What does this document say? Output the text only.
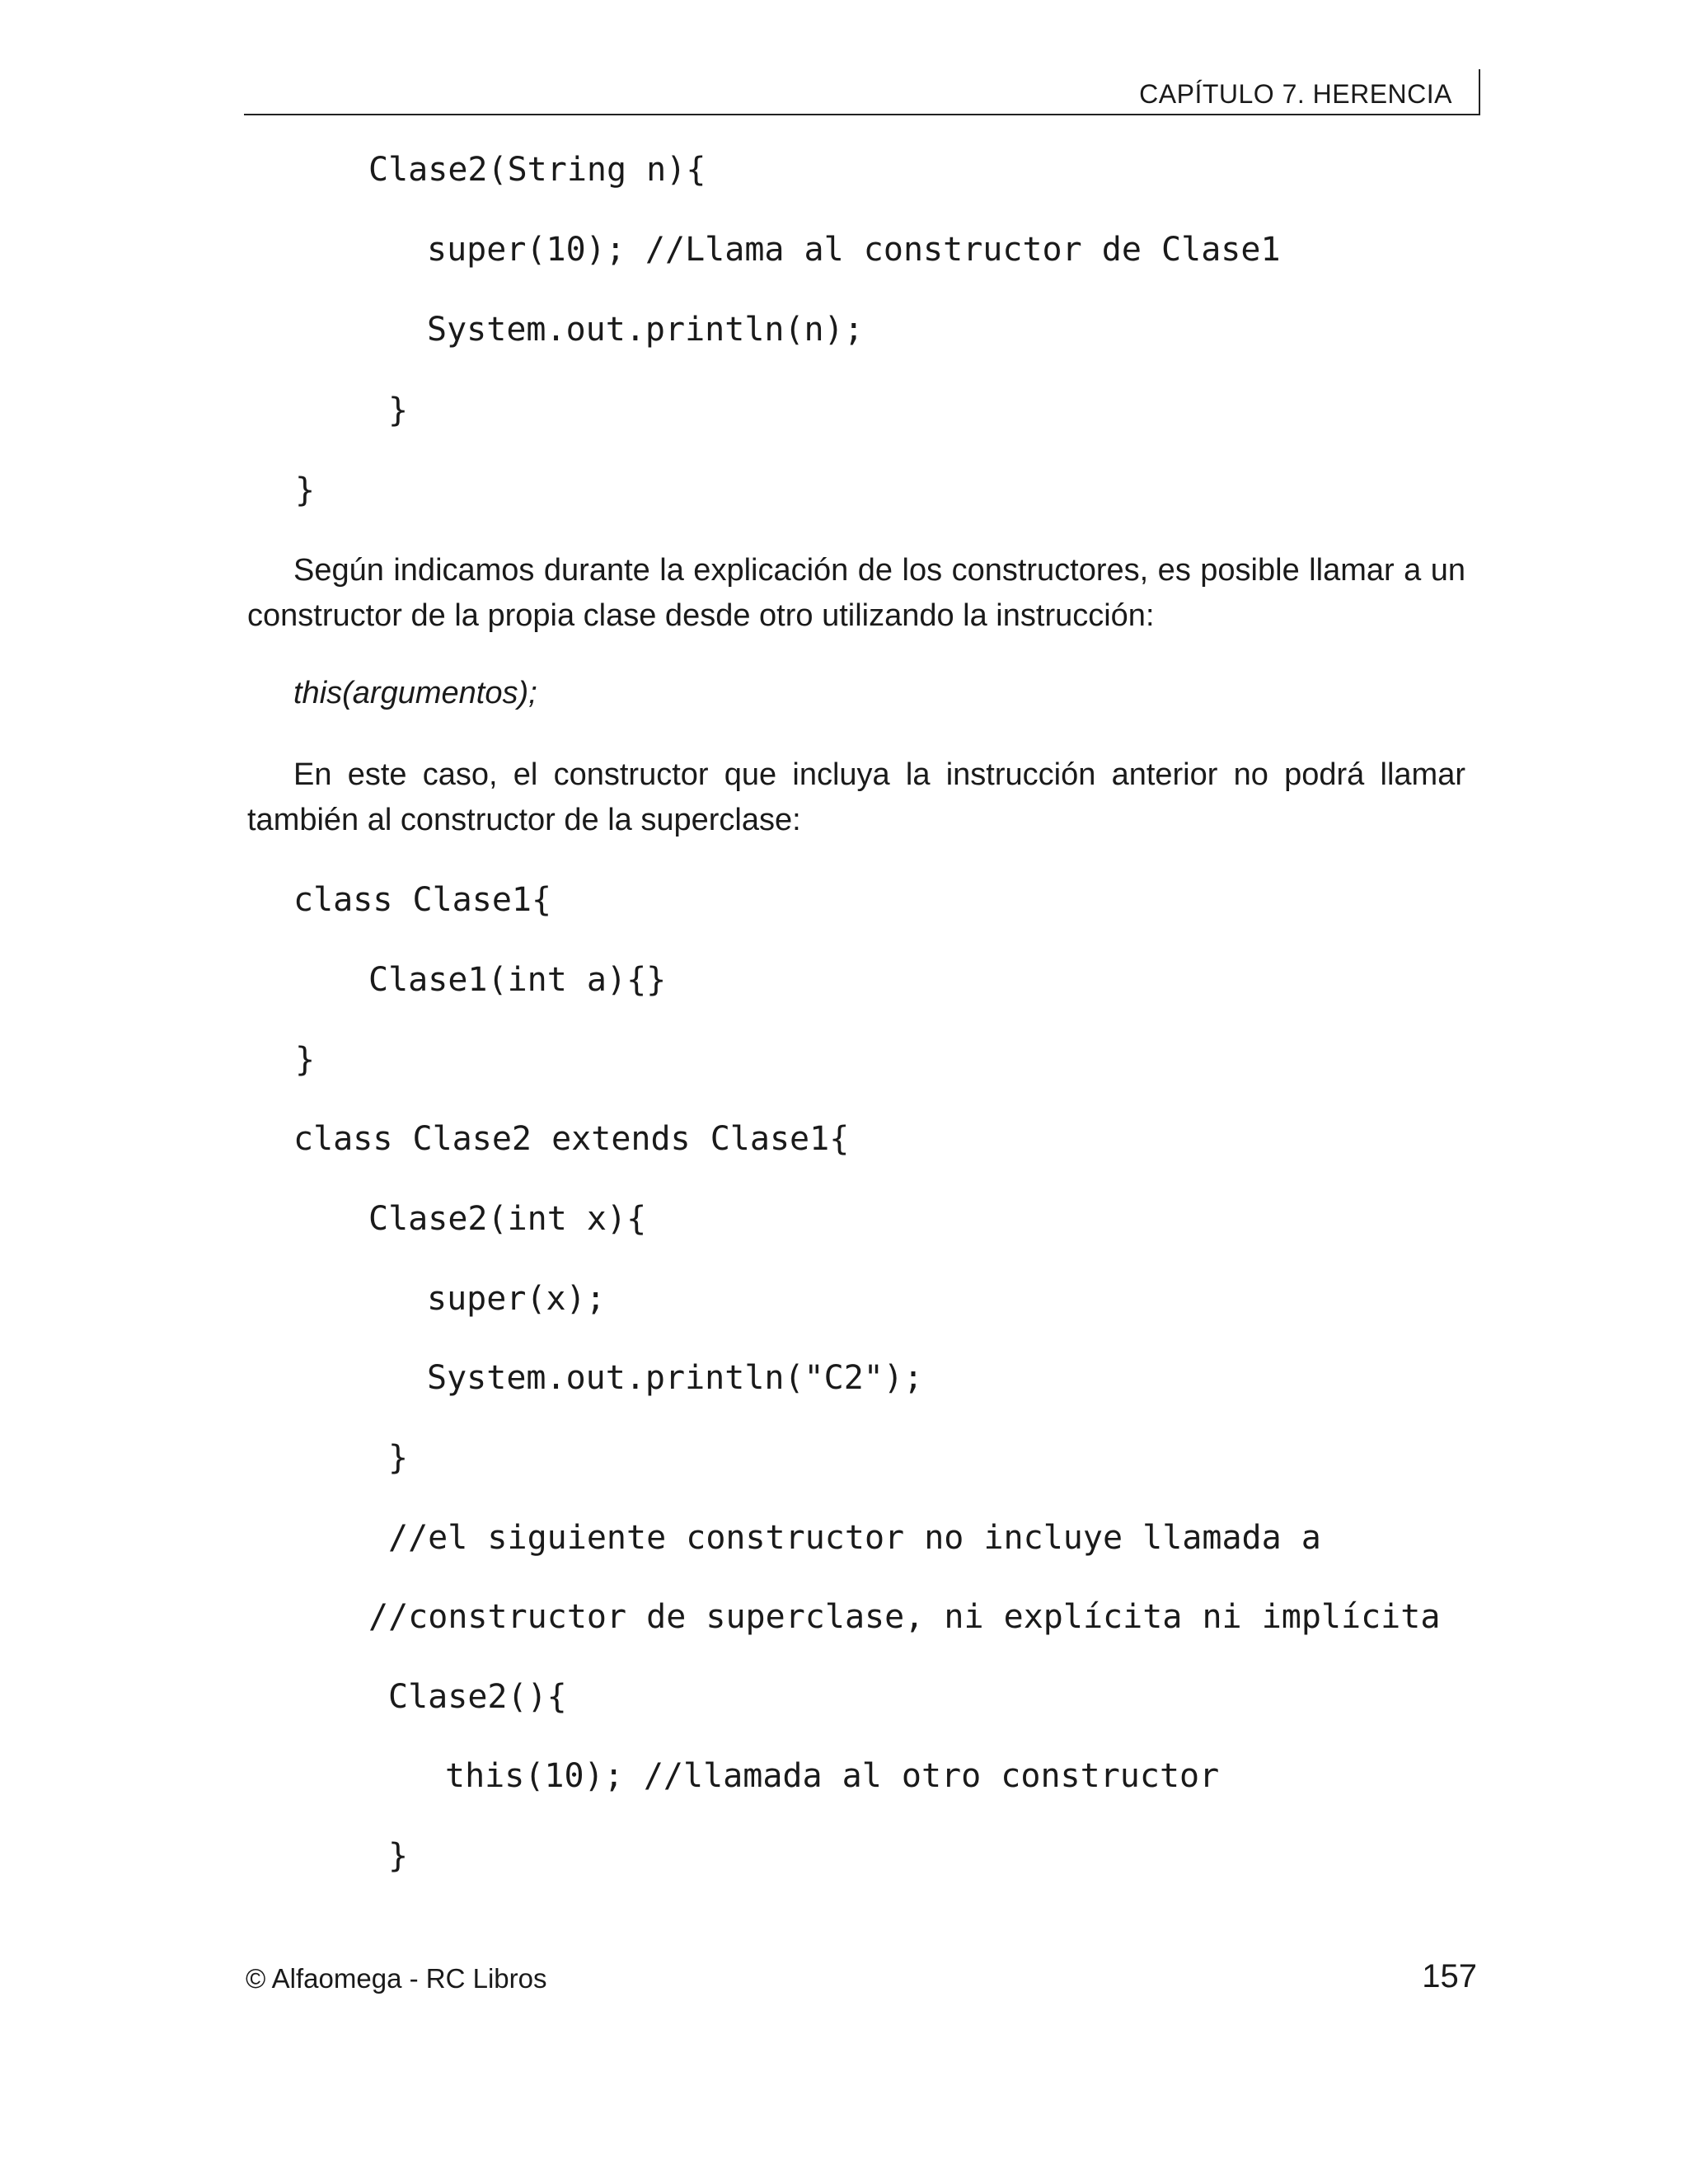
CAPÍTULO 7. HERENCIA
Clase2(String n){
super(10); //Llama al constructor de Clase1
System.out.println(n);
}
}

Según indicamos durante la explicación de los constructores, es posible llamar a un constructor de la propia clase desde otro utilizando la instrucción:

this(argumentos);

En este caso, el constructor que incluya la instrucción anterior no podrá llamar también al constructor de la superclase:

class Clase1{
Clase1(int a){}
}
class Clase2 extends Clase1{
Clase2(int x){
super(x);
System.out.println("C2");
}
//el siguiente constructor no incluye llamada a
//constructor de superclase, ni explícita ni implícita
Clase2(){
this(10); //llamada al otro constructor
}
© Alfaomega - RC Libros	157
